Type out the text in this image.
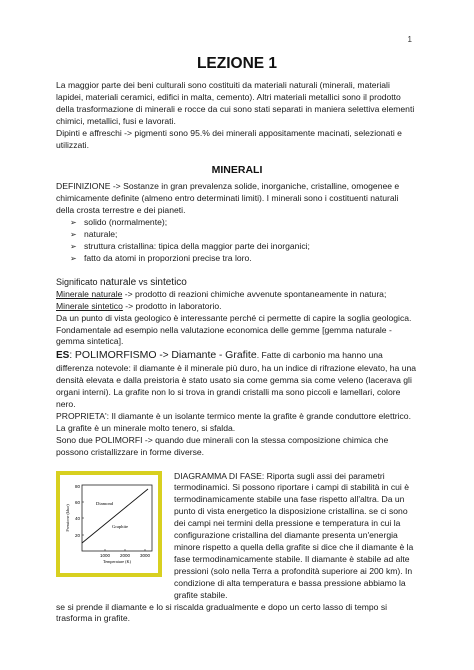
1
LEZIONE 1

La maggior parte dei beni culturali sono costituiti da materiali naturali (minerali, materiali lapidei, materiali ceramici, edifici in malta, cemento). Altri materiali metallici sono il prodotto della trasformazione di minerali e rocce da cui sono stati separati in maniera selettiva elementi chimici, metallici, fusi e lavorati.

Dipinti e affreschi -> pigmenti sono 95.% dei minerali appositamente macinati, selezionati e utilizzati.

MINERALI

DEFINIZIONE -> Sostanze in gran prevalenza solide, inorganiche, cristalline, omogenee e chimicamente definite (almeno entro determinati limiti). I minerali sono i costituenti naturali della crosta terrestre e dei pianeti.

➢ solido (normalmente);
➢ naturale;
➢ struttura cristallina: tipica della maggior parte dei inorganici;
➢ fatto da atomi in proporzioni precise tra loro.

Significato naturale vs sintetico

Minerale naturale -> prodotto di reazioni chimiche avvenute spontaneamente in natura;

Minerale sintetico -> prodotto in laboratorio.

Da un punto di vista geologico è interessante perché ci permette di capire la soglia geologica. Fondamentale ad esempio nella valutazione economica delle gemme [gemma naturale - gemma sintetica].

ES: POLIMORFISMO -> Diamante - Grafite. Fatte di carbonio ma hanno una differenza notevole: il diamante è il minerale più duro, ha un indice di rifrazione elevato, ha una densità elevata e dalla preistoria è stato usato sia come gemma sia come veleno (lacerava gli organi interni). La grafite non lo si trova in grandi cristalli ma sono piccoli e lamellari, colore nero.

PROPRIETA': Il diamante è un isolante termico mente la grafite è grande conduttore elettrico. La grafite è un minerale molto tenero, si sfalda.

Sono due POLIMORFI -> quando due minerali con la stessa composizione chimica che possono cristallizzare in forme diverse.

80
60
40
20
1000 2000 3000
Temperature (K)
Pressione (kbar)
Diamond
Graphite
DIAGRAMMA DI FASE: Riporta sugli assi dei parametri termodinamici. Si possono riportare i campi di stabilità in cui è termodinamicamente stabile una fase rispetto all'altra. Da un punto di vista energetico la disposizione cristallina. se ci sono dei campi nei termini della pressione e temperatura in cui la configurazione cristallina del diamante presenta un'energia minore rispetto a quella della grafite si dice che il diamante è la fase termodinamicamente stabile. Il diamante è stabile ad alte pressioni (solo nella Terra a profondità superiore ai 200 km). In condizione di alta temperatura e bassa pressione abbiamo la grafite stabile.

se si prende il diamante e lo si riscalda gradualmente e dopo un certo lasso di tempo si trasforma in grafite.
